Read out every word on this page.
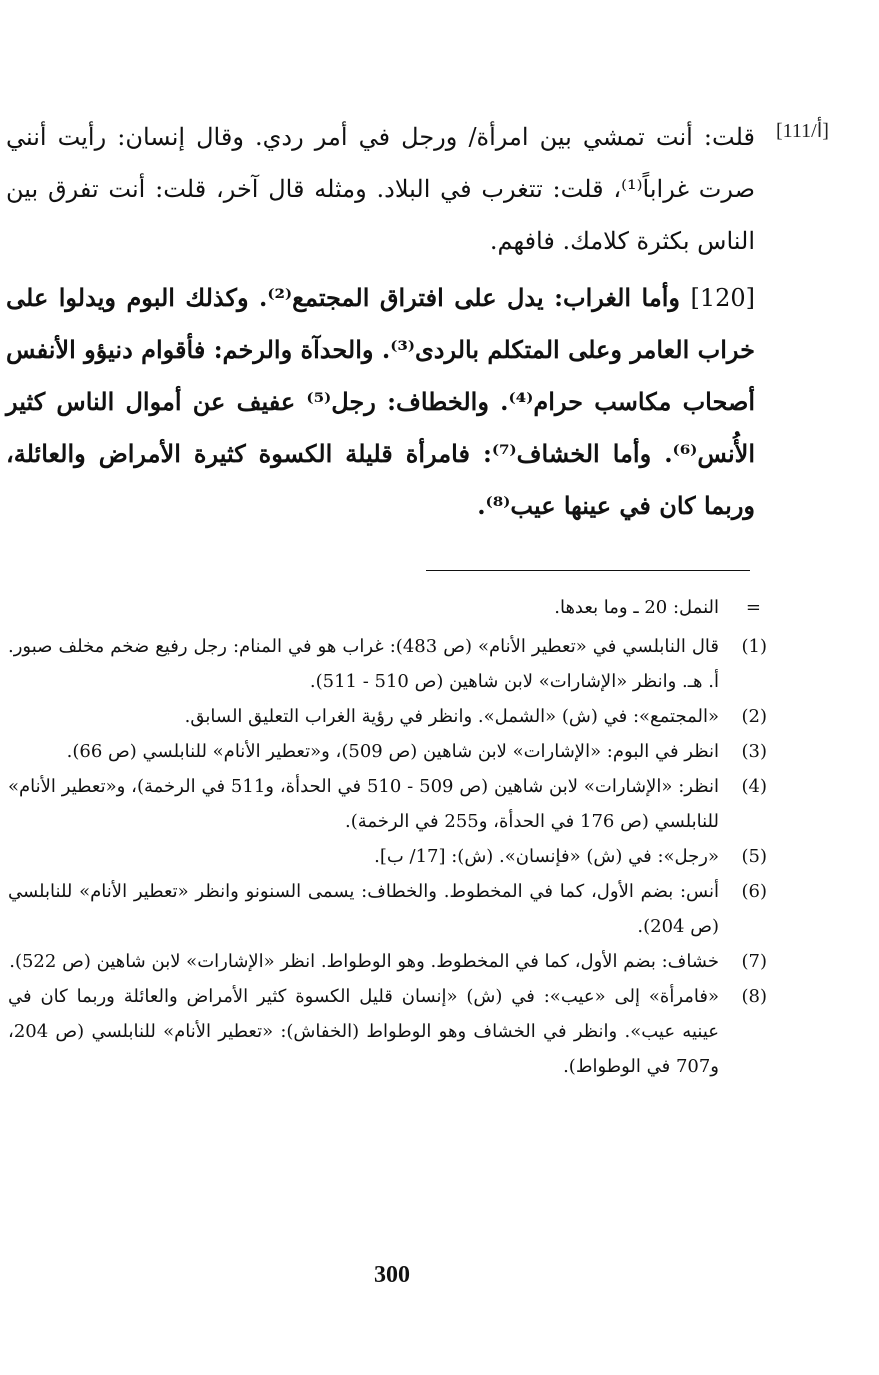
[111/أ]
قلت: أنت تمشي بين امرأة/ ورجل في أمر ردي. وقال إنسان: رأيت أنني صرت غراباً⁽¹⁾، قلت: تتغرب في البلاد. ومثله قال آخر، قلت: أنت تفرق بين الناس بكثرة كلامك. فافهم.
[120] وأما الغراب: يدل على افتراق المجتمع⁽²⁾. وكذلك البوم ويدلوا على خراب العامر وعلى المتكلم بالردى⁽³⁾. والحدآة والرخم: فأقوام دنيؤو الأنفس أصحاب مكاسب حرام⁽⁴⁾. والخطاف: رجل⁽⁵⁾ عفيف عن أموال الناس كثير الأُنس⁽⁶⁾. وأما الخشاف⁽⁷⁾: فامرأة قليلة الكسوة كثيرة الأمراض والعائلة، وربما كان في عينها عيب⁽⁸⁾.
=
النمل: 20 ـ وما بعدها.
(1)
قال النابلسي في «تعطير الأنام» (ص 483): غراب هو في المنام: رجل رفيع ضخم مخلف صبور. أ. هـ. وانظر «الإشارات» لابن شاهين (ص 510 - 511).
(2)
«المجتمع»: في (ش) «الشمل». وانظر في رؤية الغراب التعليق السابق.
(3)
انظر في البوم: «الإشارات» لابن شاهين (ص 509)، و«تعطير الأنام» للنابلسي (ص 66).
(4)
انظر: «الإشارات» لابن شاهين (ص 509 - 510 في الحدأة، و511 في الرخمة)، و«تعطير الأنام» للنابلسي (ص 176 في الحدأة، و255 في الرخمة).
(5)
«رجل»: في (ش) «فإنسان». (ش): [17/ ب].
(6)
أنس: بضم الأول، كما في المخطوط. والخطاف: يسمى السنونو وانظر «تعطير الأنام» للنابلسي (ص 204).
(7)
خشاف: بضم الأول، كما في المخطوط. وهو الوطواط. انظر «الإشارات» لابن شاهين (ص 522).
(8)
«فامرأة» إلى «عيب»: في (ش) «إنسان قليل الكسوة كثير الأمراض والعائلة وربما كان في عينيه عيب». وانظر في الخشاف وهو الوطواط (الخفاش): «تعطير الأنام» للنابلسي (ص 204، و707 في الوطواط).
300
